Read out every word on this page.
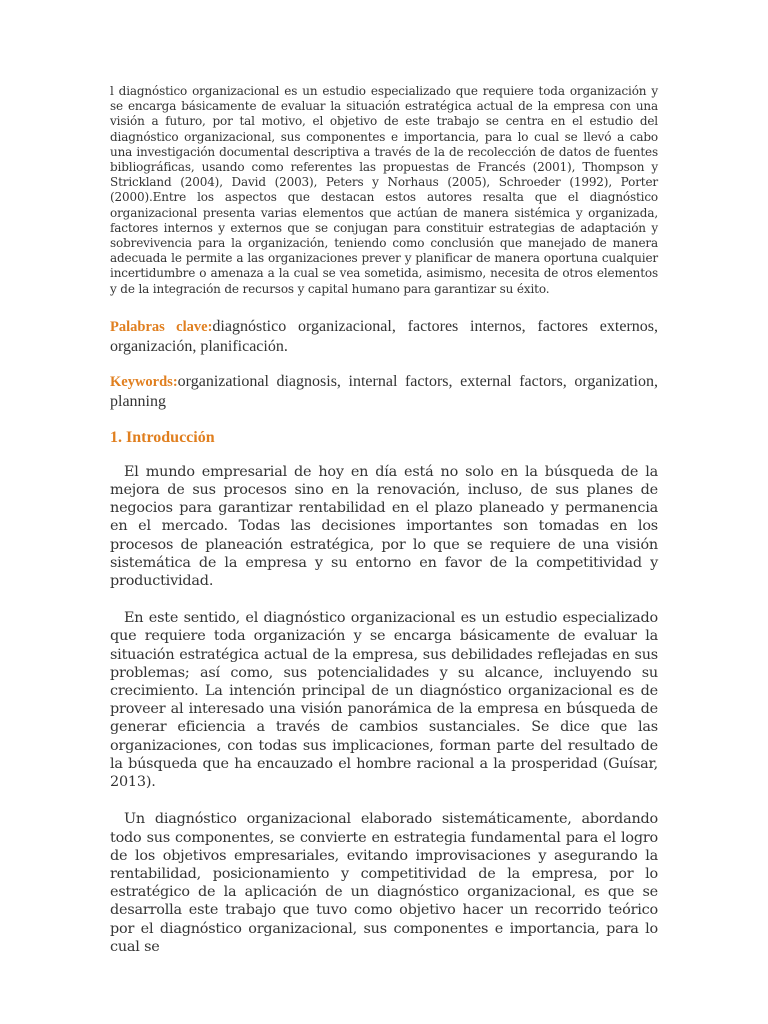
l diagnóstico organizacional es un estudio especializado que requiere toda organización y se encarga básicamente de evaluar la situación estratégica actual de la empresa con una visión a futuro, por tal motivo, el objetivo de este trabajo se centra en el estudio del diagnóstico organizacional, sus componentes e importancia, para lo cual se llevó a cabo una investigación documental descriptiva a través de la de recolección de datos de fuentes bibliográficas, usando como referentes las propuestas de Francés (2001), Thompson y Strickland (2004), David (2003), Peters y Norhaus (2005), Schroeder (1992), Porter (2000).Entre los aspectos que destacan estos autores resalta que el diagnóstico organizacional presenta varias elementos que actúan de manera sistémica y organizada, factores internos y externos que se conjugan para constituir estrategias de adaptación y sobrevivencia para la organización, teniendo como conclusión que manejado de manera adecuada le permite a las organizaciones prever y planificar de manera oportuna cualquier incertidumbre o amenaza a la cual se vea sometida, asimismo, necesita de otros elementos y de la integración de recursos y capital humano para garantizar su éxito.

Palabras clave:diagnóstico organizacional, factores internos, factores externos, organización, planificación.

Keywords:organizational diagnosis, internal factors, external factors, organization, planning

1. Introducción

El mundo empresarial de hoy en día está no solo en la búsqueda de la mejora de sus procesos sino en la renovación, incluso, de sus planes de negocios para garantizar rentabilidad en el plazo planeado y permanencia en el mercado. Todas las decisiones importantes son tomadas en los procesos de planeación estratégica, por lo que se requiere de una visión sistemática de la empresa y su entorno en favor de la competitividad y productividad.

En este sentido, el diagnóstico organizacional es un estudio especializado que requiere toda organización y se encarga básicamente de evaluar la situación estratégica actual de la empresa, sus debilidades reflejadas en sus problemas; así como, sus potencialidades y su alcance, incluyendo su crecimiento. La intención principal de un diagnóstico organizacional es de proveer al interesado una visión panorámica de la empresa en búsqueda de generar eficiencia a través de cambios sustanciales. Se dice que las organizaciones, con todas sus implicaciones, forman parte del resultado de la búsqueda que ha encauzado el hombre racional a la prosperidad (Guísar, 2013).

Un diagnóstico organizacional elaborado sistemáticamente, abordando todo sus componentes, se convierte en estrategia fundamental para el logro de los objetivos empresariales, evitando improvisaciones y asegurando la rentabilidad, posicionamiento y competitividad de la empresa, por lo estratégico de la aplicación de un diagnóstico organizacional, es que se desarrolla este trabajo que tuvo como objetivo hacer un recorrido teórico por el diagnóstico organizacional, sus componentes e importancia, para lo cual se
